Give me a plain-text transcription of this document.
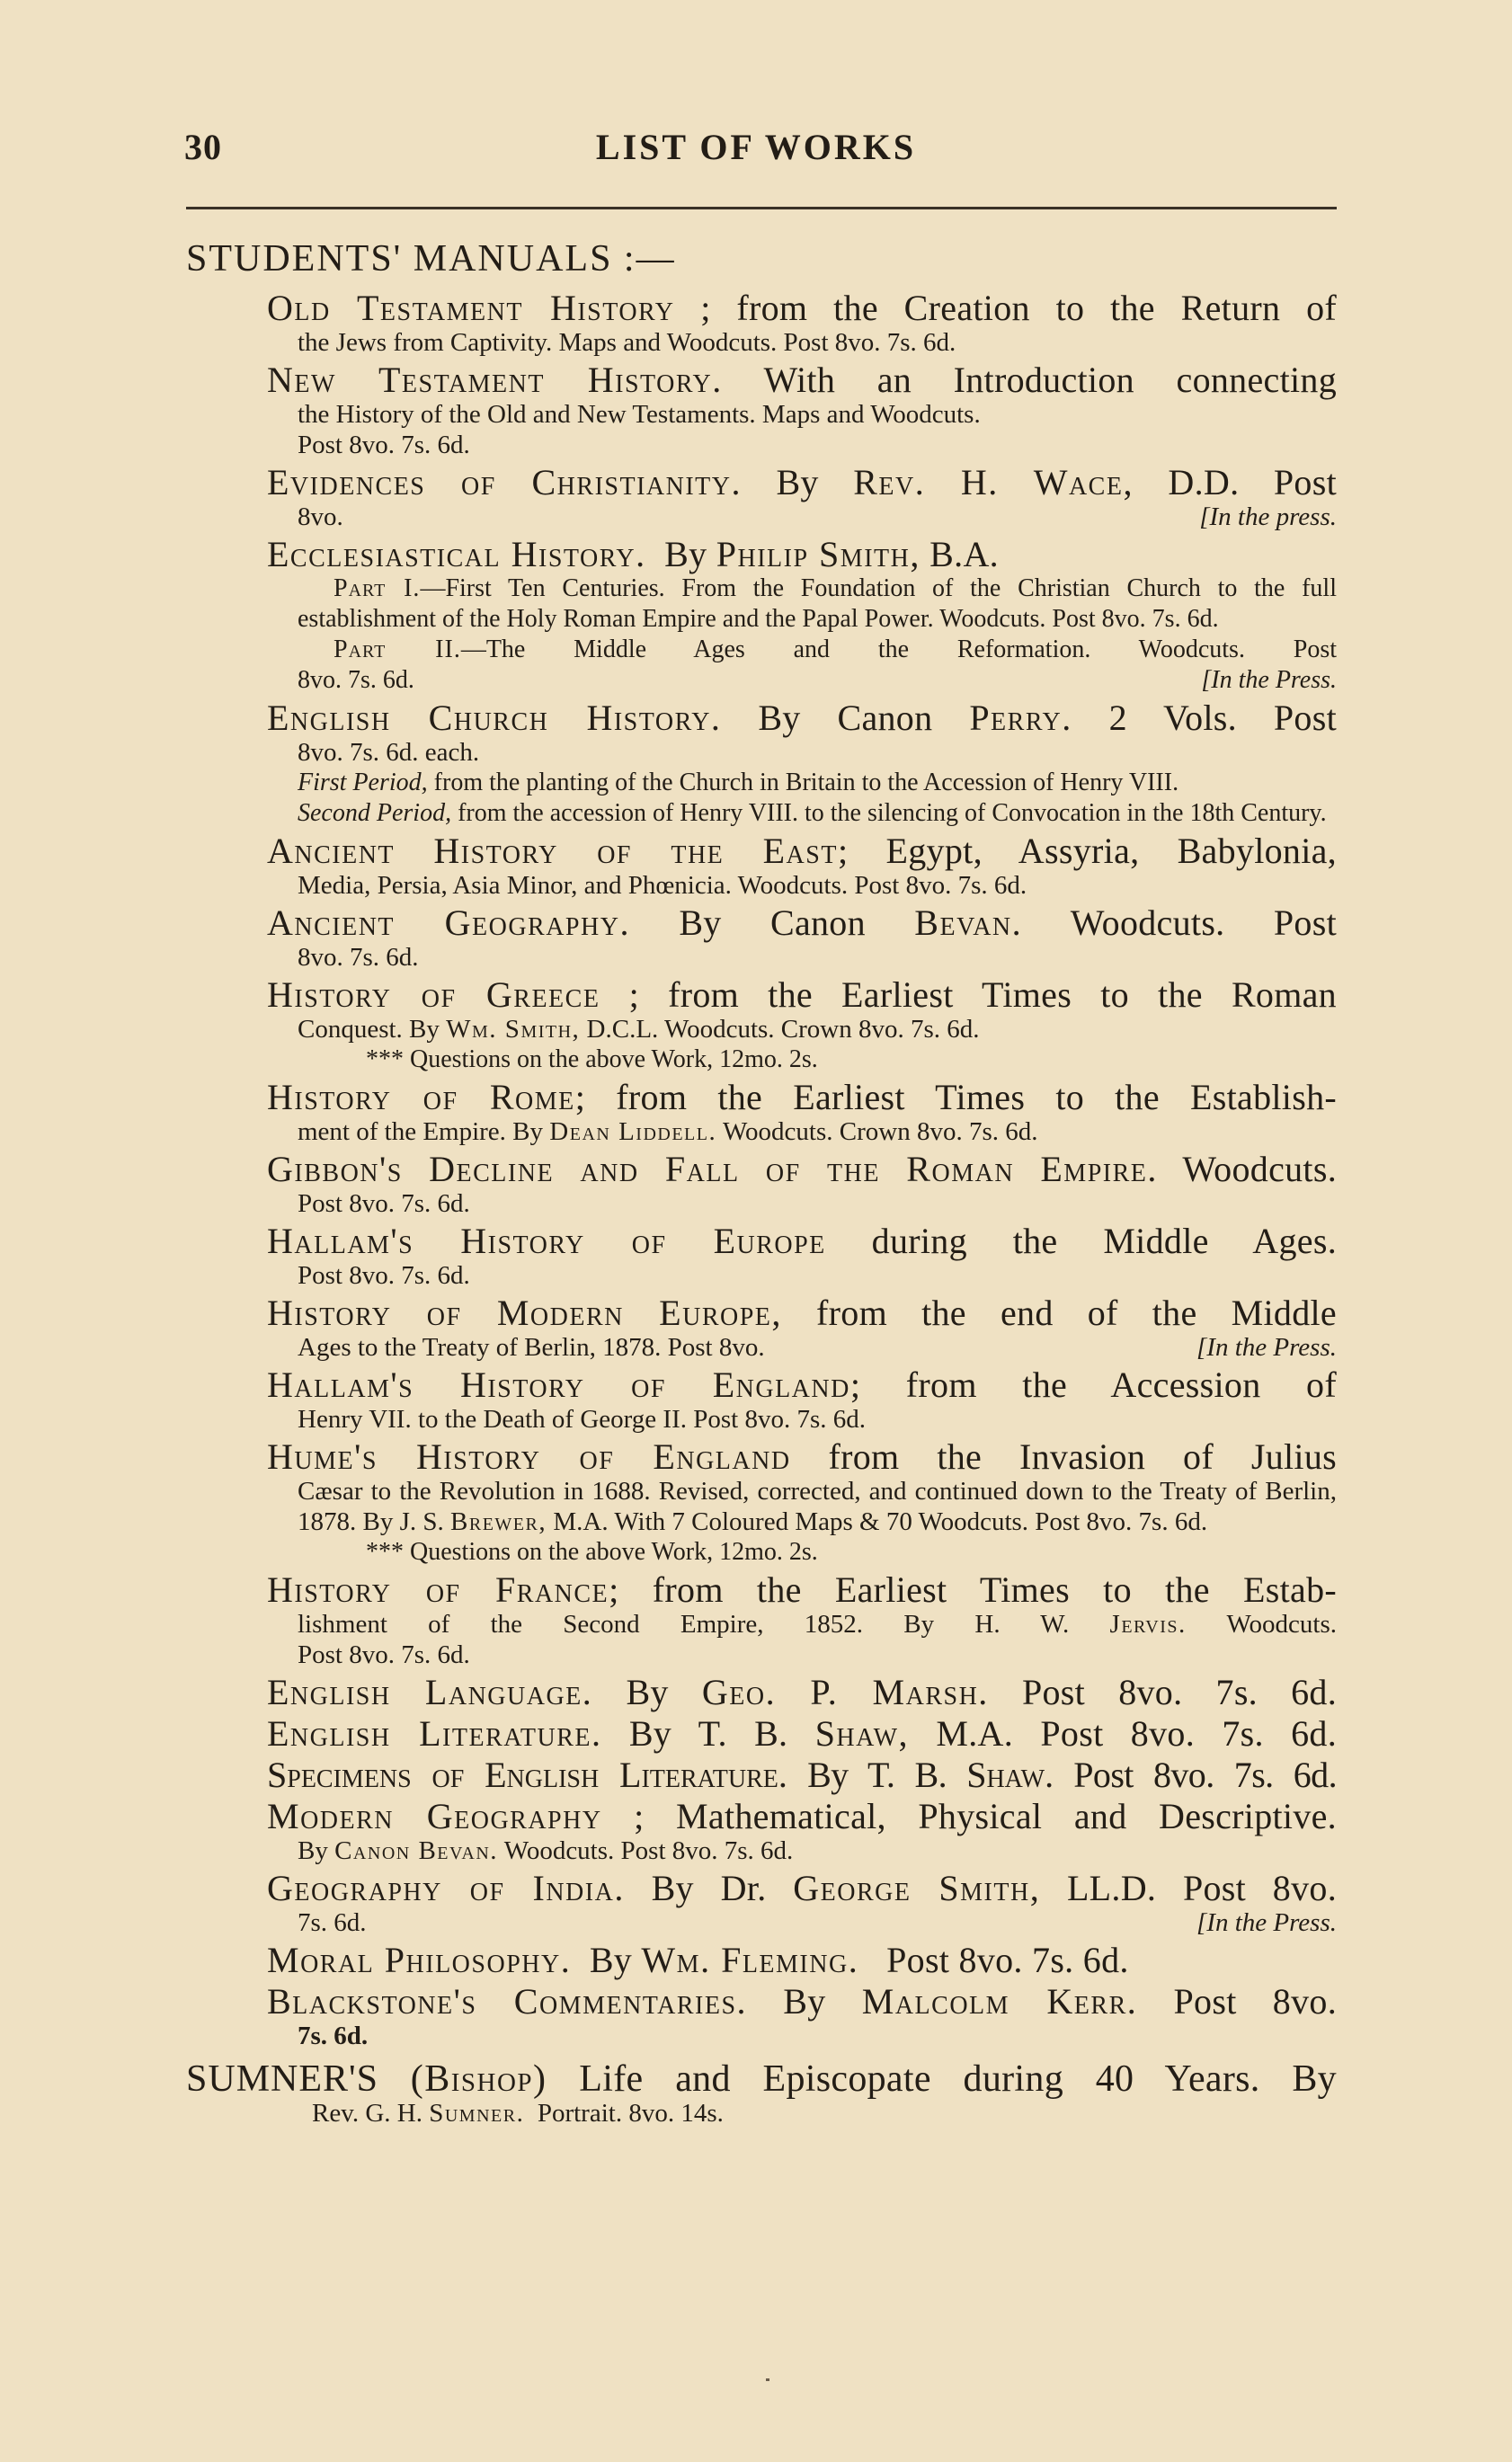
30	LIST OF WORKS
STUDENTS' MANUALS :—
Old Testament History ; from the Creation to the Return of
the Jews from Captivity. Maps and Woodcuts. Post 8vo. 7s. 6d.
New Testament History. With an Introduction connecting
the History of the Old and New Testaments. Maps and Woodcuts.
Post 8vo. 7s. 6d.
Evidences of Christianity. By Rev. H. Wace, D.D. Post
8vo.	[In the press.
Ecclesiastical History. By Philip Smith, B.A.
Part I.—First Ten Centuries. From the Foundation of the Christian Church to the full establishment of the Holy Roman Empire and the Papal Power. Woodcuts. Post 8vo. 7s. 6d.
Part II.—The Middle Ages and the Reformation. Woodcuts. Post
8vo. 7s. 6d.	[In the Press.
English Church History. By Canon Perry. 2 Vols. Post
8vo. 7s. 6d. each.
First Period, from the planting of the Church in Britain to the Accession of Henry VIII.
Second Period, from the accession of Henry VIII. to the silencing of Convocation in the 18th Century.
Ancient History of the East; Egypt, Assyria, Babylonia,
Media, Persia, Asia Minor, and Phœnicia. Woodcuts. Post 8vo. 7s. 6d.
Ancient Geography. By Canon Bevan. Woodcuts. Post
8vo. 7s. 6d.
History of Greece ; from the Earliest Times to the Roman
Conquest. By Wm. Smith, D.C.L. Woodcuts. Crown 8vo. 7s. 6d.
*** Questions on the above Work, 12mo. 2s.
History of Rome; from the Earliest Times to the Establish-
ment of the Empire. By Dean Liddell. Woodcuts. Crown 8vo. 7s. 6d.
Gibbon's Decline and Fall of the Roman Empire. Woodcuts.
Post 8vo. 7s. 6d.
Hallam's History of Europe during the Middle Ages.
Post 8vo. 7s. 6d.
History of Modern Europe, from the end of the Middle
Ages to the Treaty of Berlin, 1878. Post 8vo.	[In the Press.
Hallam's History of England; from the Accession of
Henry VII. to the Death of George II. Post 8vo. 7s. 6d.
Hume's History of England from the Invasion of Julius
Cæsar to the Revolution in 1688. Revised, corrected, and continued down to the Treaty of Berlin, 1878. By J. S. Brewer, M.A. With 7 Coloured Maps & 70 Woodcuts. Post 8vo. 7s. 6d.
*** Questions on the above Work, 12mo. 2s.
History of France; from the Earliest Times to the Estab-
lishment of the Second Empire, 1852. By H. W. Jervis. Woodcuts.
Post 8vo. 7s. 6d.
English Language. By Geo. P. Marsh. Post 8vo. 7s. 6d.
English Literature. By T. B. Shaw, M.A. Post 8vo. 7s. 6d.
Specimens of English Literature. By T. B. Shaw. Post 8vo. 7s. 6d.
Modern Geography ; Mathematical, Physical and Descriptive.
By Canon Bevan. Woodcuts. Post 8vo. 7s. 6d.
Geography of India. By Dr. George Smith, LL.D. Post 8vo.
7s. 6d.	[In the Press.
Moral Philosophy. By Wm. Fleming. Post 8vo. 7s. 6d.
Blackstone's Commentaries. By Malcolm Kerr. Post 8vo.
7s. 6d.
SUMNER'S (Bishop) Life and Episcopate during 40 Years. By
Rev. G. H. Sumner. Portrait. 8vo. 14s.
